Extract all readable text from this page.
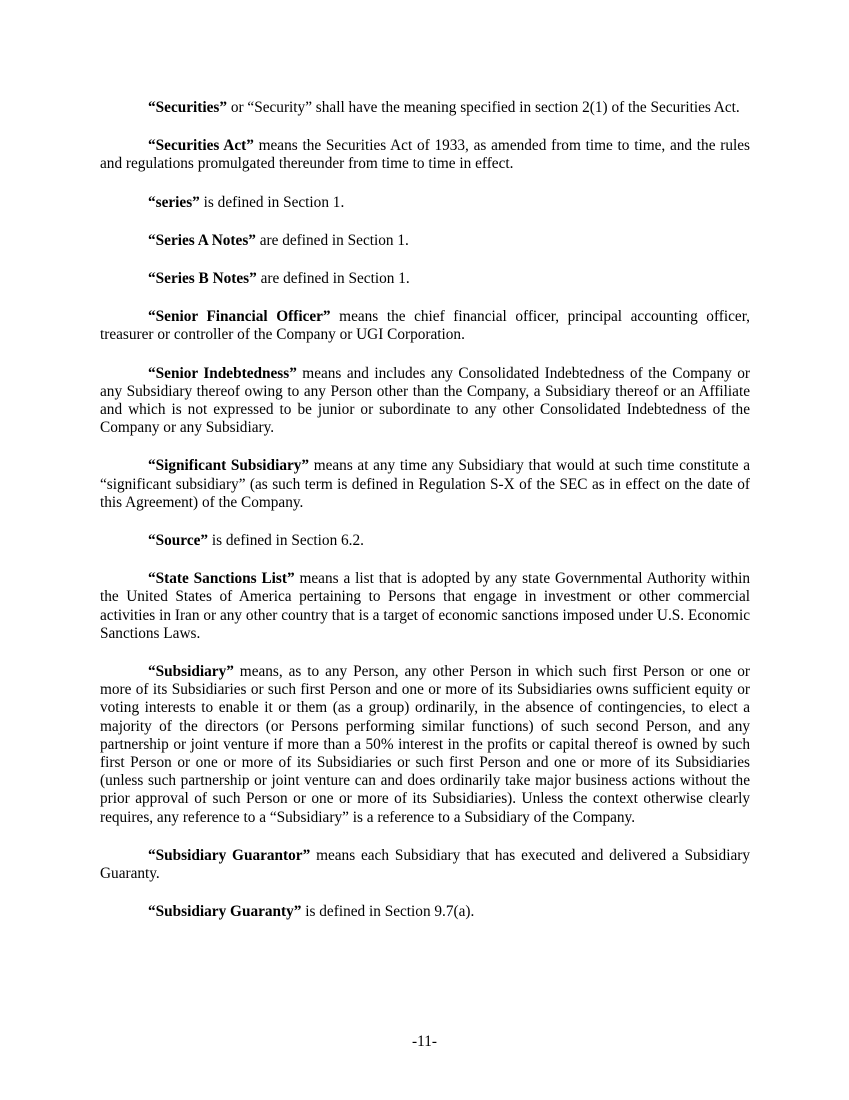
“Securities” or “Security” shall have the meaning specified in section 2(1) of the Securities Act.

“Securities Act” means the Securities Act of 1933, as amended from time to time, and the rules and regulations promulgated thereunder from time to time in effect.

“series” is defined in Section 1.

“Series A Notes” are defined in Section 1.

“Series B Notes” are defined in Section 1.

“Senior Financial Officer” means the chief financial officer, principal accounting officer, treasurer or controller of the Company or UGI Corporation.

“Senior Indebtedness” means and includes any Consolidated Indebtedness of the Company or any Subsidiary thereof owing to any Person other than the Company, a Subsidiary thereof or an Affiliate and which is not expressed to be junior or subordinate to any other Consolidated Indebtedness of the Company or any Subsidiary.

“Significant Subsidiary” means at any time any Subsidiary that would at such time constitute a “significant subsidiary” (as such term is defined in Regulation S-X of the SEC as in effect on the date of this Agreement) of the Company.

“Source” is defined in Section 6.2.

“State Sanctions List” means a list that is adopted by any state Governmental Authority within the United States of America pertaining to Persons that engage in investment or other commercial activities in Iran or any other country that is a target of economic sanctions imposed under U.S. Economic Sanctions Laws.

“Subsidiary” means, as to any Person, any other Person in which such first Person or one or more of its Subsidiaries or such first Person and one or more of its Subsidiaries owns sufficient equity or voting interests to enable it or them (as a group) ordinarily, in the absence of contingencies, to elect a majority of the directors (or Persons performing similar functions) of such second Person, and any partnership or joint venture if more than a 50% interest in the profits or capital thereof is owned by such first Person or one or more of its Subsidiaries or such first Person and one or more of its Subsidiaries (unless such partnership or joint venture can and does ordinarily take major business actions without the prior approval of such Person or one or more of its Subsidiaries). Unless the context otherwise clearly requires, any reference to a “Subsidiary” is a reference to a Subsidiary of the Company.

“Subsidiary Guarantor” means each Subsidiary that has executed and delivered a Subsidiary Guaranty.

“Subsidiary Guaranty” is defined in Section 9.7(a).

-11-
